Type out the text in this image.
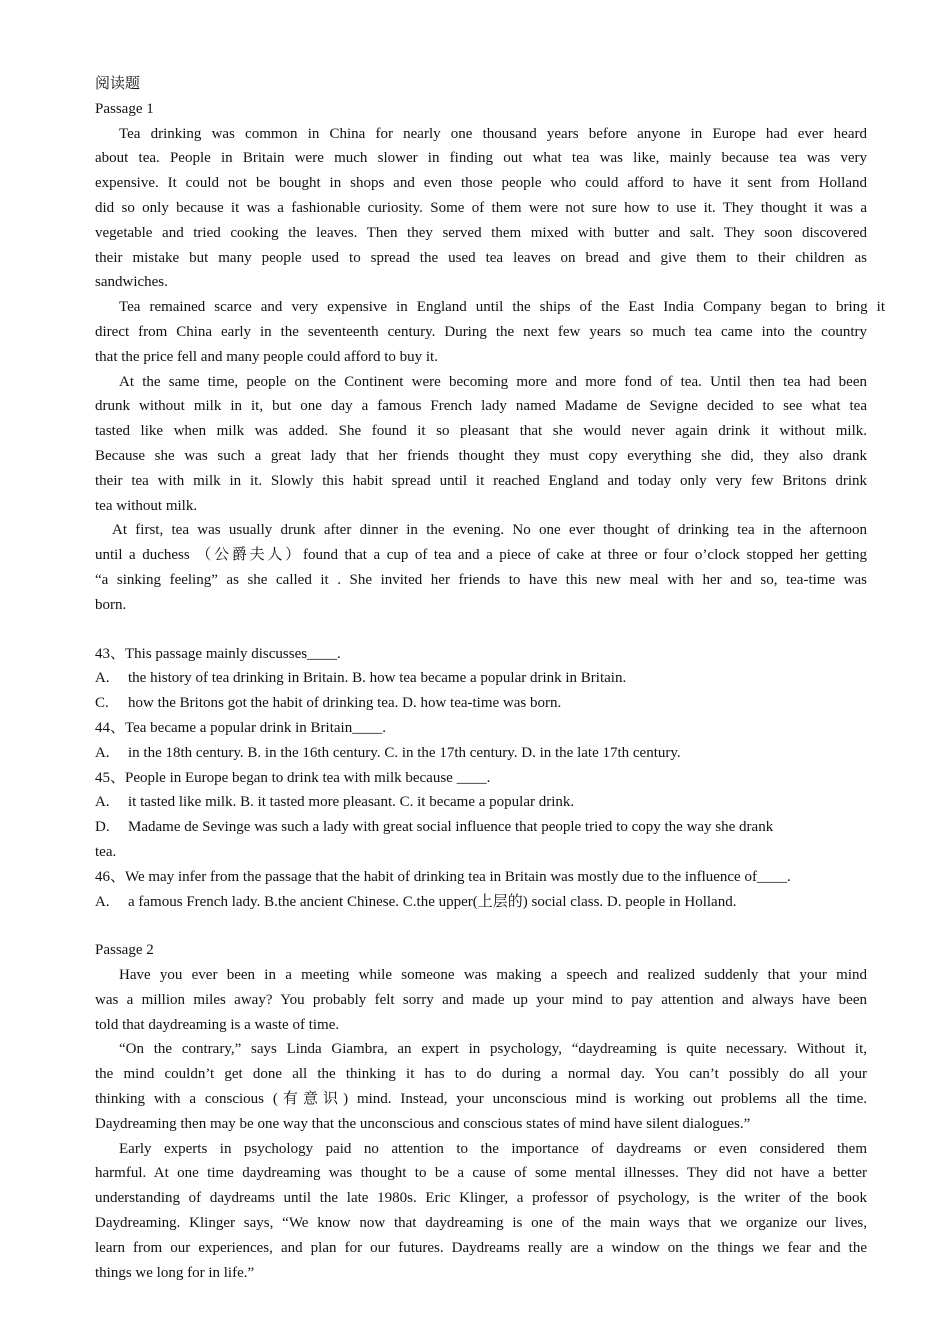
阅读题
Passage 1
Tea drinking was common in China for nearly one thousand years before anyone in Europe had ever heard
about tea. People in Britain were much slower in finding out what tea was like, mainly because tea was very
expensive. It could not be bought in shops and even those people who could afford to have it sent from Holland
did so only because it was a fashionable curiosity. Some of them were not sure how to use it. They thought it was a
vegetable and tried cooking the leaves. Then they served them mixed with butter and salt. They soon discovered
their mistake but many people used to spread the used tea leaves on bread and give them to their children as
sandwiches.
Tea remained scarce and very expensive in England until the ships of the East India Company began to bring it
direct from China early in the seventeenth century. During the next few years so much tea came into the country
that the price fell and many people could afford to buy it.
At the same time, people on the Continent were becoming more and more fond of tea. Until then tea had been
drunk without milk in it, but one day a famous French lady named Madame de Sevigne decided to see what tea
tasted like when milk was added. She found it so pleasant that she would never again drink it without milk.
Because she was such a great lady that her friends thought they must copy everything she did, they also drank
their tea with milk in it. Slowly this habit spread until it reached England and today only very few Britons drink
tea without milk.
At first, tea was usually drunk after dinner in the evening. No one ever thought of drinking tea in the afternoon
until a duchess （公爵夫人）found that a cup of tea and a piece of cake at three or four o’clock stopped her getting
“a sinking feeling” as she called it . She invited her friends to have this new meal with her and so, tea-time was
born.
43、This passage mainly discusses____.
A. the history of tea drinking in Britain. B. how tea became a popular drink in Britain.
C. how the Britons got the habit of drinking tea. D. how tea-time was born.
44、Tea became a popular drink in Britain____.
A. in the 18th century. B. in the 16th century. C. in the 17th century. D. in the late 17th century.
45、People in Europe began to drink tea with milk because ____.
A. it tasted like milk. B. it tasted more pleasant. C. it became a popular drink.
D. Madame de Sevinge was such a lady with great social influence that people tried to copy the way she drank
tea.
46、We may infer from the passage that the habit of drinking tea in Britain was mostly due to the influence of____.
A. a famous French lady. B.the ancient Chinese. C.the upper(上层的) social class. D. people in Holland.
Passage 2
Have you ever been in a meeting while someone was making a speech and realized suddenly that your mind
was a million miles away? You probably felt sorry and made up your mind to pay attention and always have been
told that daydreaming is a waste of time.
“On the contrary,” says Linda Giambra, an expert in psychology, “daydreaming is quite necessary. Without it,
the mind couldn’t get done all the thinking it has to do during a normal day. You can’t possibly do all your
thinking with a conscious (有意识) mind. Instead, your unconscious mind is working out problems all the time.
Daydreaming then may be one way that the unconscious and conscious states of mind have silent dialogues.”
Early experts in psychology paid no attention to the importance of daydreams or even considered them
harmful. At one time daydreaming was thought to be a cause of some mental illnesses. They did not have a better
understanding of daydreams until the late 1980s. Eric Klinger, a professor of psychology, is the writer of the book
Daydreaming. Klinger says, “We know now that daydreaming is one of the main ways that we organize our lives,
learn from our experiences, and plan for our futures. Daydreams really are a window on the things we fear and the
things we long for in life.”
